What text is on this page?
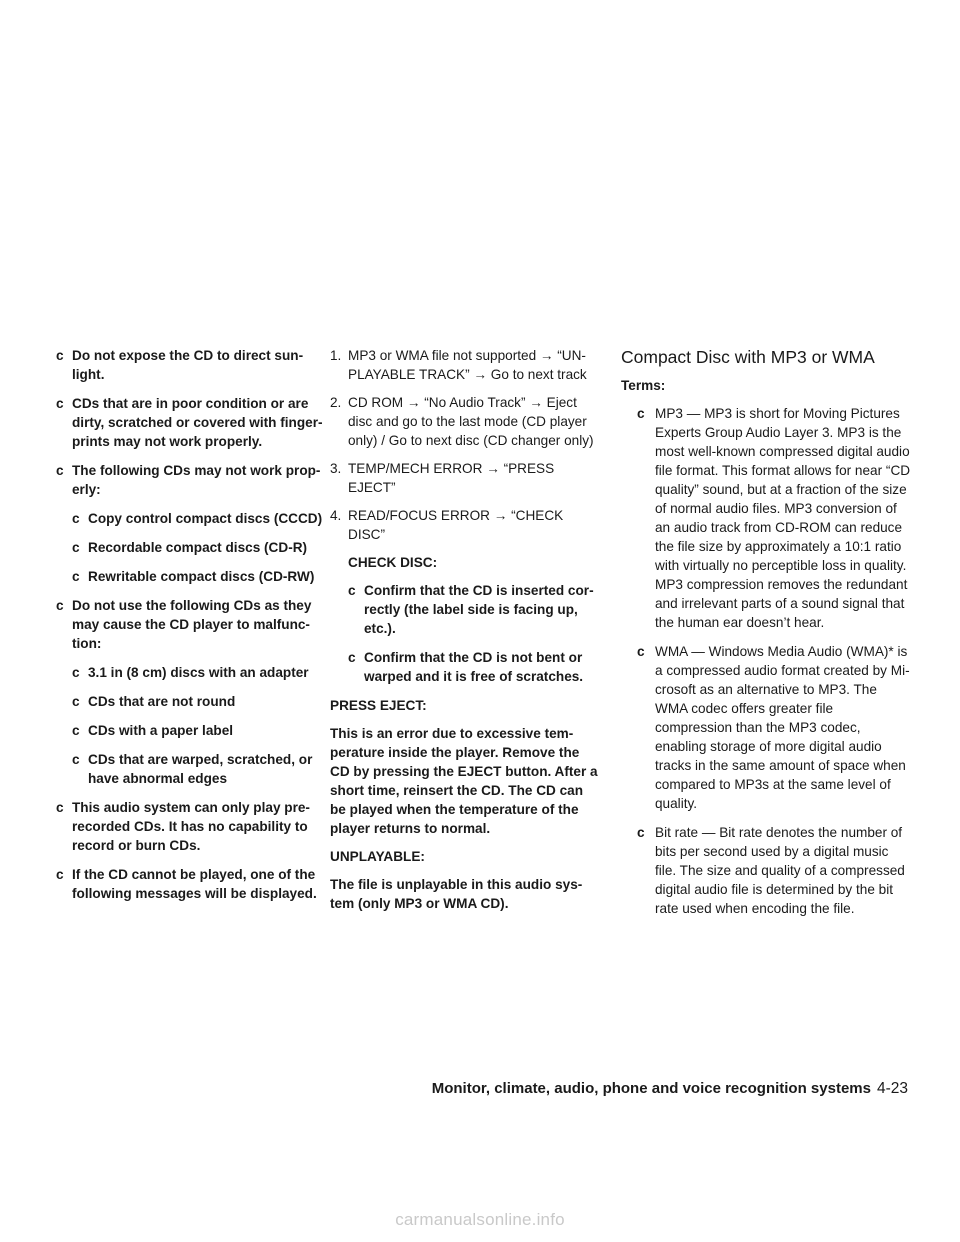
c Do not expose the CD to direct sun-light.
c CDs that are in poor condition or are dirty, scratched or covered with finger-prints may not work properly.
c The following CDs may not work prop-erly:
c Copy control compact discs (CCCD)
c Recordable compact discs (CD-R)
c Rewritable compact discs (CD-RW)
c Do not use the following CDs as they may cause the CD player to malfunc-tion:
c 3.1 in (8 cm) discs with an adapter
c CDs that are not round
c CDs with a paper label
c CDs that are warped, scratched, or have abnormal edges
c This audio system can only play pre-recorded CDs. It has no capability to record or burn CDs.
c If the CD cannot be played, one of the following messages will be displayed.
1. MP3 or WMA file not supported → “UN-PLAYABLE TRACK” → Go to next track
2. CD ROM → “No Audio Track” → Eject disc and go to the last mode (CD player only) / Go to next disc (CD changer only)
3. TEMP/MECH ERROR → “PRESS EJECT”
4. READ/FOCUS ERROR → “CHECK DISC”
CHECK DISC:
c Confirm that the CD is inserted cor-rectly (the label side is facing up, etc.).
c Confirm that the CD is not bent or warped and it is free of scratches.
PRESS EJECT:
This is an error due to excessive tem-perature inside the player. Remove the CD by pressing the EJECT button. After a short time, reinsert the CD. The CD can be played when the temperature of the player returns to normal.
UNPLAYABLE:
The file is unplayable in this audio sys-tem (only MP3 or WMA CD).
Compact Disc with MP3 or WMA
Terms:
c MP3 — MP3 is short for Moving Pictures Experts Group Audio Layer 3. MP3 is the most well-known compressed digital audio file format. This format allows for near “CD quality” sound, but at a fraction of the size of normal audio files. MP3 conversion of an audio track from CD-ROM can reduce the file size by approximately a 10:1 ratio with virtually no perceptible loss in quality. MP3 compression removes the redundant and irrelevant parts of a sound signal that the human ear doesn’t hear.
c WMA — Windows Media Audio (WMA)* is a compressed audio format created by Mi-crosoft as an alternative to MP3. The WMA codec offers greater file compression than the MP3 codec, enabling storage of more digital audio tracks in the same amount of space when compared to MP3s at the same level of quality.
c Bit rate — Bit rate denotes the number of bits per second used by a digital music file. The size and quality of a compressed digital audio file is determined by the bit rate used when encoding the file.
Monitor, climate, audio, phone and voice recognition systems 4-23
carmanualsonline.info
